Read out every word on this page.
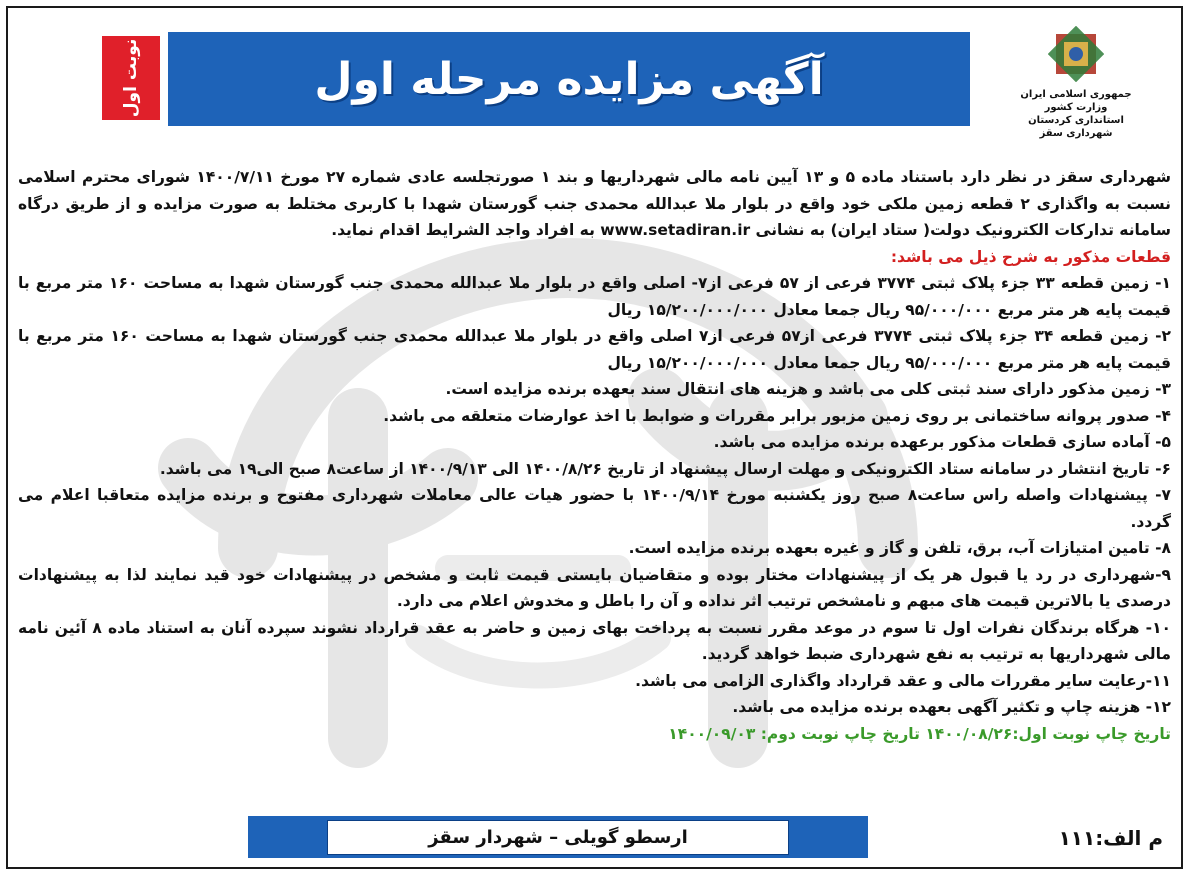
نوبت اول	آگهی مزایده مرحله اول	جمهوری اسلامی ایران
وزارت کشور
استانداری کردستان
شهرداری سقز

شهرداری سقز در نظر دارد باستناد ماده ۵ و ۱۳ آیین نامه مالی شهرداریها و بند ۱ صورتجلسه عادی شماره ۲۷ مورخ ۱۴۰۰/۷/۱۱ شورای محترم اسلامی نسبت به واگذاری ۲ قطعه زمین ملکی خود واقع در بلوار ملا عبدالله محمدی جنب گورستان شهدا با کاربری مختلط به صورت مزایده و از طریق درگاه سامانه تدارکات الکترونیک دولت( ستاد ایران) به نشانی www.setadiran.ir به افراد واجد الشرایط اقدام نماید.

قطعات مذکور به شرح ذیل می باشد:

۱- زمین قطعه ۳۳ جزء پلاک ثبتی ۳۷۷۴ فرعی از ۵۷ فرعی از۷- اصلی واقع در بلوار ملا عبدالله محمدی جنب گورستان شهدا به مساحت ۱۶۰ متر مربع با قیمت پایه هر متر مربع ۹۵/۰۰۰/۰۰۰ ریال جمعا معادل ۱۵/۲۰۰/۰۰۰/۰۰۰ ریال

۲- زمین قطعه ۳۴ جزء پلاک ثبتی ۳۷۷۴ فرعی از۵۷ فرعی از۷ اصلی واقع در بلوار ملا عبدالله محمدی جنب گورستان شهدا به مساحت ۱۶۰ متر مربع با قیمت پایه هر متر مربع ۹۵/۰۰۰/۰۰۰ ریال جمعا معادل ۱۵/۲۰۰/۰۰۰/۰۰۰ ریال

۳- زمین مذکور دارای سند ثبتی کلی می باشد و هزینه های انتقال سند بعهده برنده مزایده است.

۴- صدور پروانه ساختمانی بر روی زمین مزبور برابر مقررات و ضوابط با اخذ عوارضات متعلقه می باشد.

۵- آماده سازی قطعات مذکور برعهده برنده مزایده می باشد.

۶- تاریخ انتشار در سامانه ستاد الکترونیکی و مهلت ارسال پیشنهاد از تاریخ ۱۴۰۰/۸/۲۶ الی ۱۴۰۰/۹/۱۳ از ساعت۸ صبح الی۱۹ می باشد.

۷- پیشنهادات واصله راس ساعت۸ صبح روز یکشنبه مورخ ۱۴۰۰/۹/۱۴ با حضور هیات عالی معاملات شهرداری مفتوح و برنده مزایده متعاقبا اعلام می گردد.

۸- تامین امتیازات آب، برق، تلفن و گاز و غیره بعهده برنده مزایده است.

۹-شهرداری در رد یا قبول هر یک از پیشنهادات مختار بوده و متقاضیان بایستی قیمت ثابت و مشخص در پیشنهادات خود قید نمایند لذا به پیشنهادات درصدی یا بالاترین قیمت های مبهم و نامشخص ترتیب اثر نداده و آن را باطل و مخدوش اعلام می دارد.

۱۰- هرگاه برندگان نفرات اول تا سوم در موعد مقرر نسبت به پرداخت بهای زمین و حاضر به عقد قرارداد نشوند سپرده آنان به استناد ماده ۸ آئین نامه مالی شهرداریها به ترتیب به نفع شهرداری ضبط خواهد گردید.

۱۱-رعایت سایر مقررات مالی و عقد قرارداد واگذاری الزامی می باشد.

۱۲- هزینه چاپ و تکثیر آگهی بعهده برنده مزایده می باشد.

تاریخ چاپ نوبت اول:۱۴۰۰/۰۸/۲۶ تاریخ چاپ نوبت دوم: ۱۴۰۰/۰۹/۰۳

ارسطو گویلی – شهردار سقز	م الف:۱۱۱
